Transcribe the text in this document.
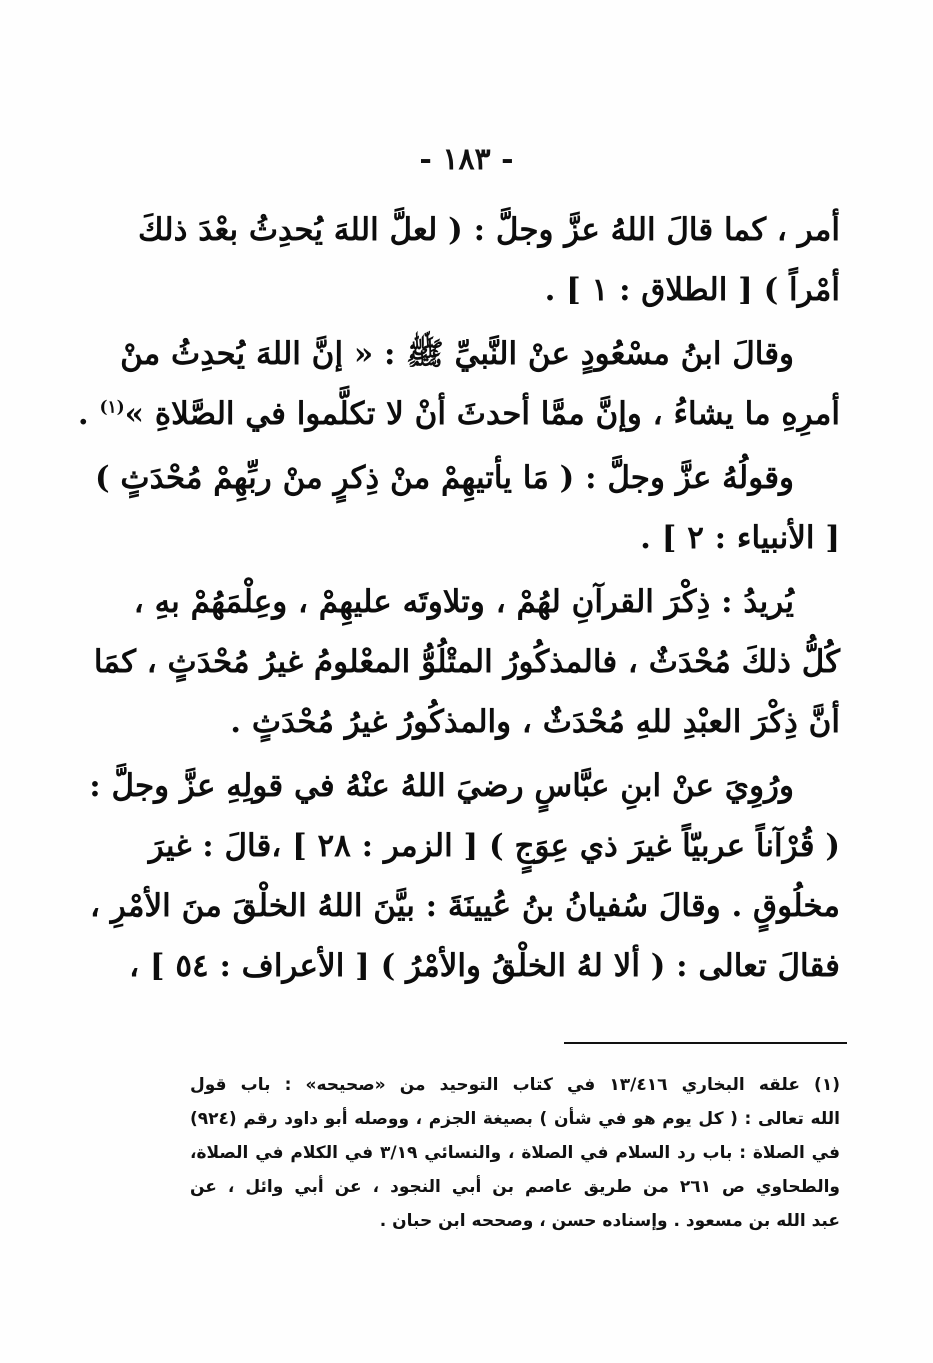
- ١٨٣ -
أمر ، كما قالَ اللهُ عزَّ وجلَّ : ( لعلَّ اللهَ يُحدِثُ بعْدَ ذلكَ
أمْراً ) [ الطلاق : ١ ] .
وقالَ ابنُ مسْعُودٍ عنْ النَّبيِّ ﷺ : « إنَّ اللهَ يُحدِثُ منْ
أمرِهِ ما يشاءُ ، وإنَّ ممَّا أحدثَ أنْ لا تكلَّموا في الصَّلاةِ »$^{(١)}$ .
وقولُهُ عزَّ وجلَّ : ( مَا يأتيهِمْ منْ ذِكرٍ منْ ربِّهِمْ مُحْدَثٍ )
[ الأنبياء : ٢ ] .
يُريدُ : ذِكْرَ القرآنِ لهُمْ ، وتلاوتَه عليهِمْ ، وعِلْمَهُمْ بهِ ،
كُلُّ ذلكَ مُحْدَثٌ ، فالمذكُورُ المتْلُوُّ المعْلومُ غيرُ مُحْدَثٍ ، كمَا
أنَّ ذِكْرَ العبْدِ للهِ مُحْدَثٌ ، والمذكُورُ غيرُ مُحْدَثٍ .
ورُوِيَ عنْ ابنِ عبَّاسٍ رضيَ اللهُ عنْهُ في قولِهِ عزَّ وجلَّ :
( قُرْآناً عربيّاً غيرَ ذي عِوَجٍ ) [ الزمر : ٢٨ ] ،قالَ : غيرَ
مخلُوقٍ . وقالَ سُفيانُ بنُ عُيينَةَ : بيَّنَ اللهُ الخلْقَ منَ الأمْرِ ،
فقالَ تعالى : ( ألا لهُ الخلْقُ والأمْرُ ) [ الأعراف : ٥٤ ] ،
(١) علقه البخاري ١٣/٤١٦ في كتاب التوحيد من «صحيحه» : باب قول
الله تعالى : ( كل يوم هو في شأن ) بصيغة الجزم ، ووصله أبو داود رقم (٩٢٤)
في الصلاة : باب رد السلام في الصلاة ، والنسائي ٣/١٩ في الكلام في الصلاة،
والطحاوي ص ٢٦١ من طريق عاصم بن أبي النجود ، عن أبي وائل ، عن
عبد الله بن مسعود . وإسناده حسن ، وصححه ابن حبان .
